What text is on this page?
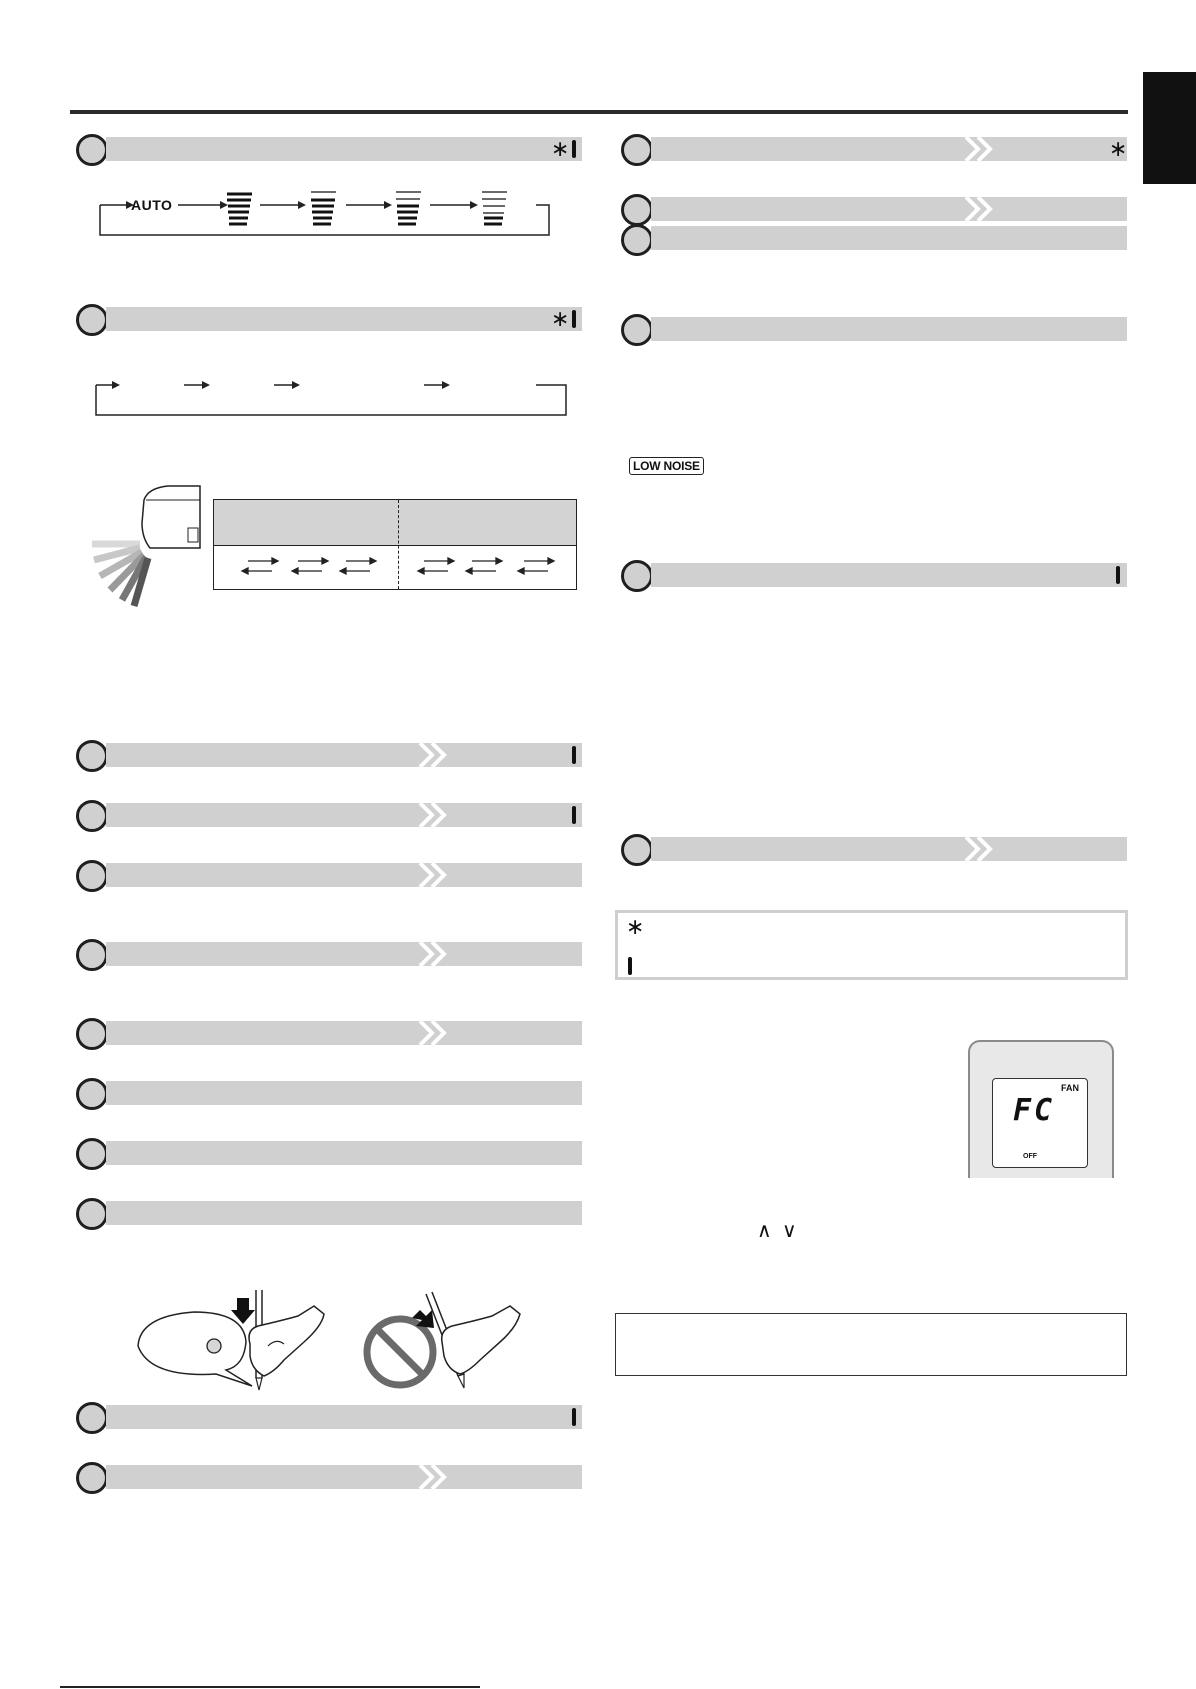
∗
AUTO
∗
∗
LOW NOISE
∗
FAN
FC
OFF
∧ ∨
